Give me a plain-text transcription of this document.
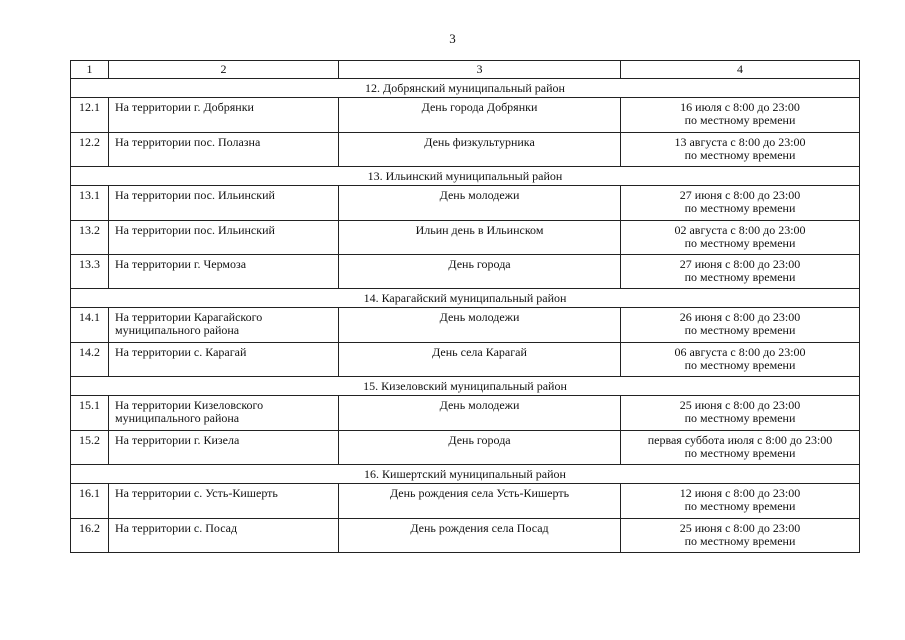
3
1	2	3	4
12. Добрянский муниципальный район			
12.1	На территории г. Добрянки	День города Добрянки	16 июля с 8:00 до 23:00
по местному времени

12.2	На территории пос. Полазна	День физкультурника	13 августа с 8:00 до 23:00
по местному времени

13. Ильинский муниципальный район			
13.1	На территории пос. Ильинский	День молодежи	27 июня с 8:00 до 23:00
по местному времени

13.2	На территории пос. Ильинский	Ильин день в Ильинском	02 августа с 8:00 до 23:00
по местному времени

13.3	На территории г. Чермоза	День города	27 июня с 8:00 до 23:00
по местному времени

14. Карагайский муниципальный район			
14.1	На территории Карагайского
муниципального района	День молодежи	26 июня с 8:00 до 23:00
по местному времени

14.2	На территории с. Карагай	День села Карагай	06 августа с 8:00 до 23:00
по местному времени

15. Кизеловский муниципальный район			
15.1	На территории Кизеловского
муниципального района	День молодежи	25 июня с 8:00 до 23:00
по местному времени

15.2	На территории г. Кизела	День города	первая суббота июля с 8:00 до 23:00
по местному времени

16. Кишертский муниципальный район			
16.1	На территории с. Усть-Кишерть	День рождения села Усть-Кишерть	12 июня с 8:00 до 23:00
по местному времени

16.2	На территории с. Посад	День рождения села Посад	25 июня с 8:00 до 23:00
по местному времени
